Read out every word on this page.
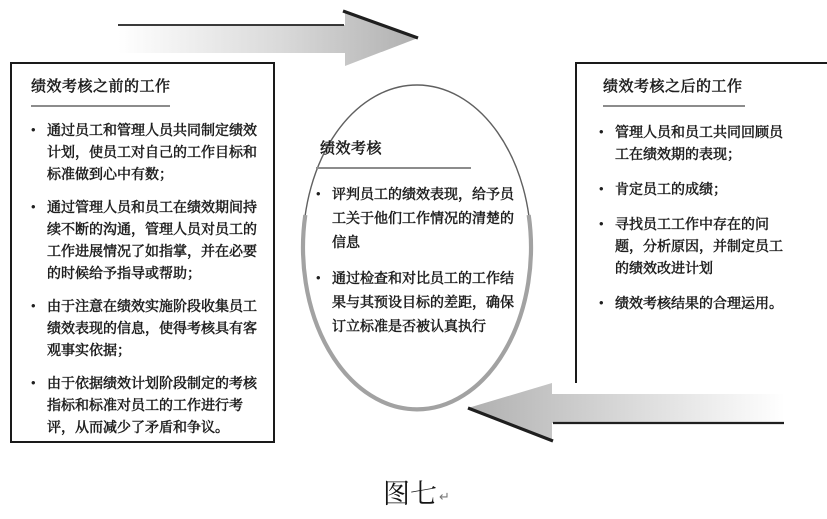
绩效考核之前的工作
•
通过员工和管理人员共同制定绩效计划，使员工对自己的工作目标和标准做到心中有数；
•
通过管理人员和员工在绩效期间持续不断的沟通，管理人员对员工的工作进展情况了如指掌，并在必要的时候给予指导或帮助；
•
由于注意在绩效实施阶段收集员工绩效表现的信息，使得考核具有客观事实依据；
•
由于依据绩效计划阶段制定的考核指标和标准对员工的工作进行考评，从而减少了矛盾和争议。
绩效考核
•
评判员工的绩效表现，给予员工关于他们工作情况的清楚的信息
•
通过检查和对比员工的工作结果与其预设目标的差距，确保订立标准是否被认真执行
绩效考核之后的工作
•
管理人员和员工共同回顾员工在绩效期的表现；
•
肯定员工的成绩；
•
寻找员工工作中存在的问题，分析原因，并制定员工的绩效改进计划
•
绩效考核结果的合理运用。
图七 ↵
